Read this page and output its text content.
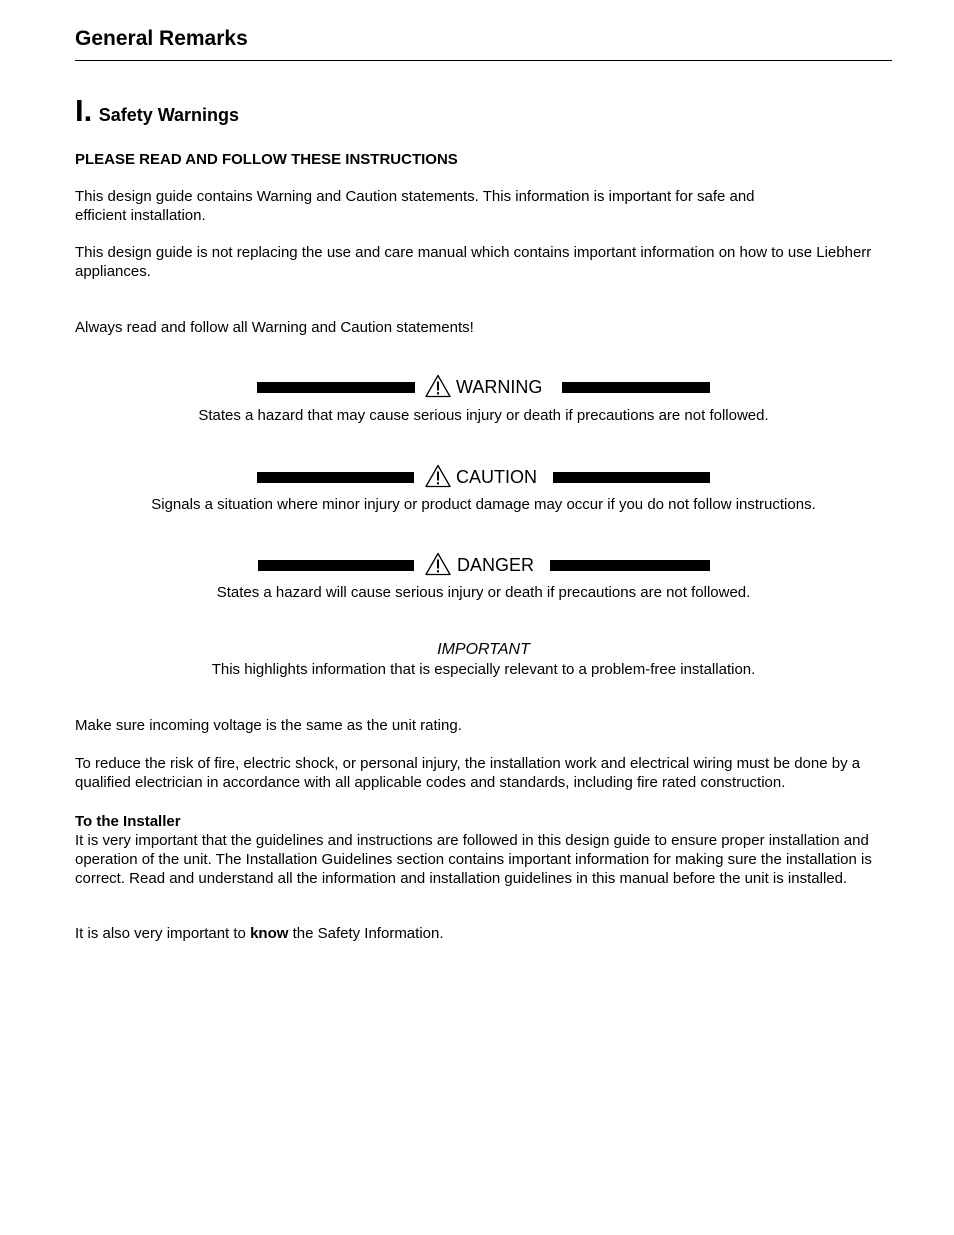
General Remarks
I. Safety Warnings

PLEASE READ AND FOLLOW THESE INSTRUCTIONS

This design guide contains Warning and Caution statements. This information is important for safe and efficient installation.

This design guide is not replacing the use and care manual which contains important information on how to use Liebherr appliances.

Always read and follow all Warning and Caution statements!

WARNING

States a hazard that may cause serious injury or death if precautions are not followed.

CAUTION

Signals a situation where minor injury or product damage may occur if you do not follow instructions.

DANGER

States a hazard will cause serious injury or death if precautions are not followed.

IMPORTANT

This highlights information that is especially relevant to a problem-free installation.

Make sure incoming voltage is the same as the unit rating.

To reduce the risk of fire, electric shock, or personal injury, the installation work and electrical wiring must be done by a qualified electrician in accordance with all applicable codes and standards, including fire rated construction.

To the Installer

It is very important that the guidelines and instructions are followed in this design guide to ensure proper installation and operation of the unit. The Installation Guidelines section contains important information for making sure the installation is correct. Read and understand all the information and installation guidelines in this manual before the unit is installed.

It is also very important to know the Safety Information.
